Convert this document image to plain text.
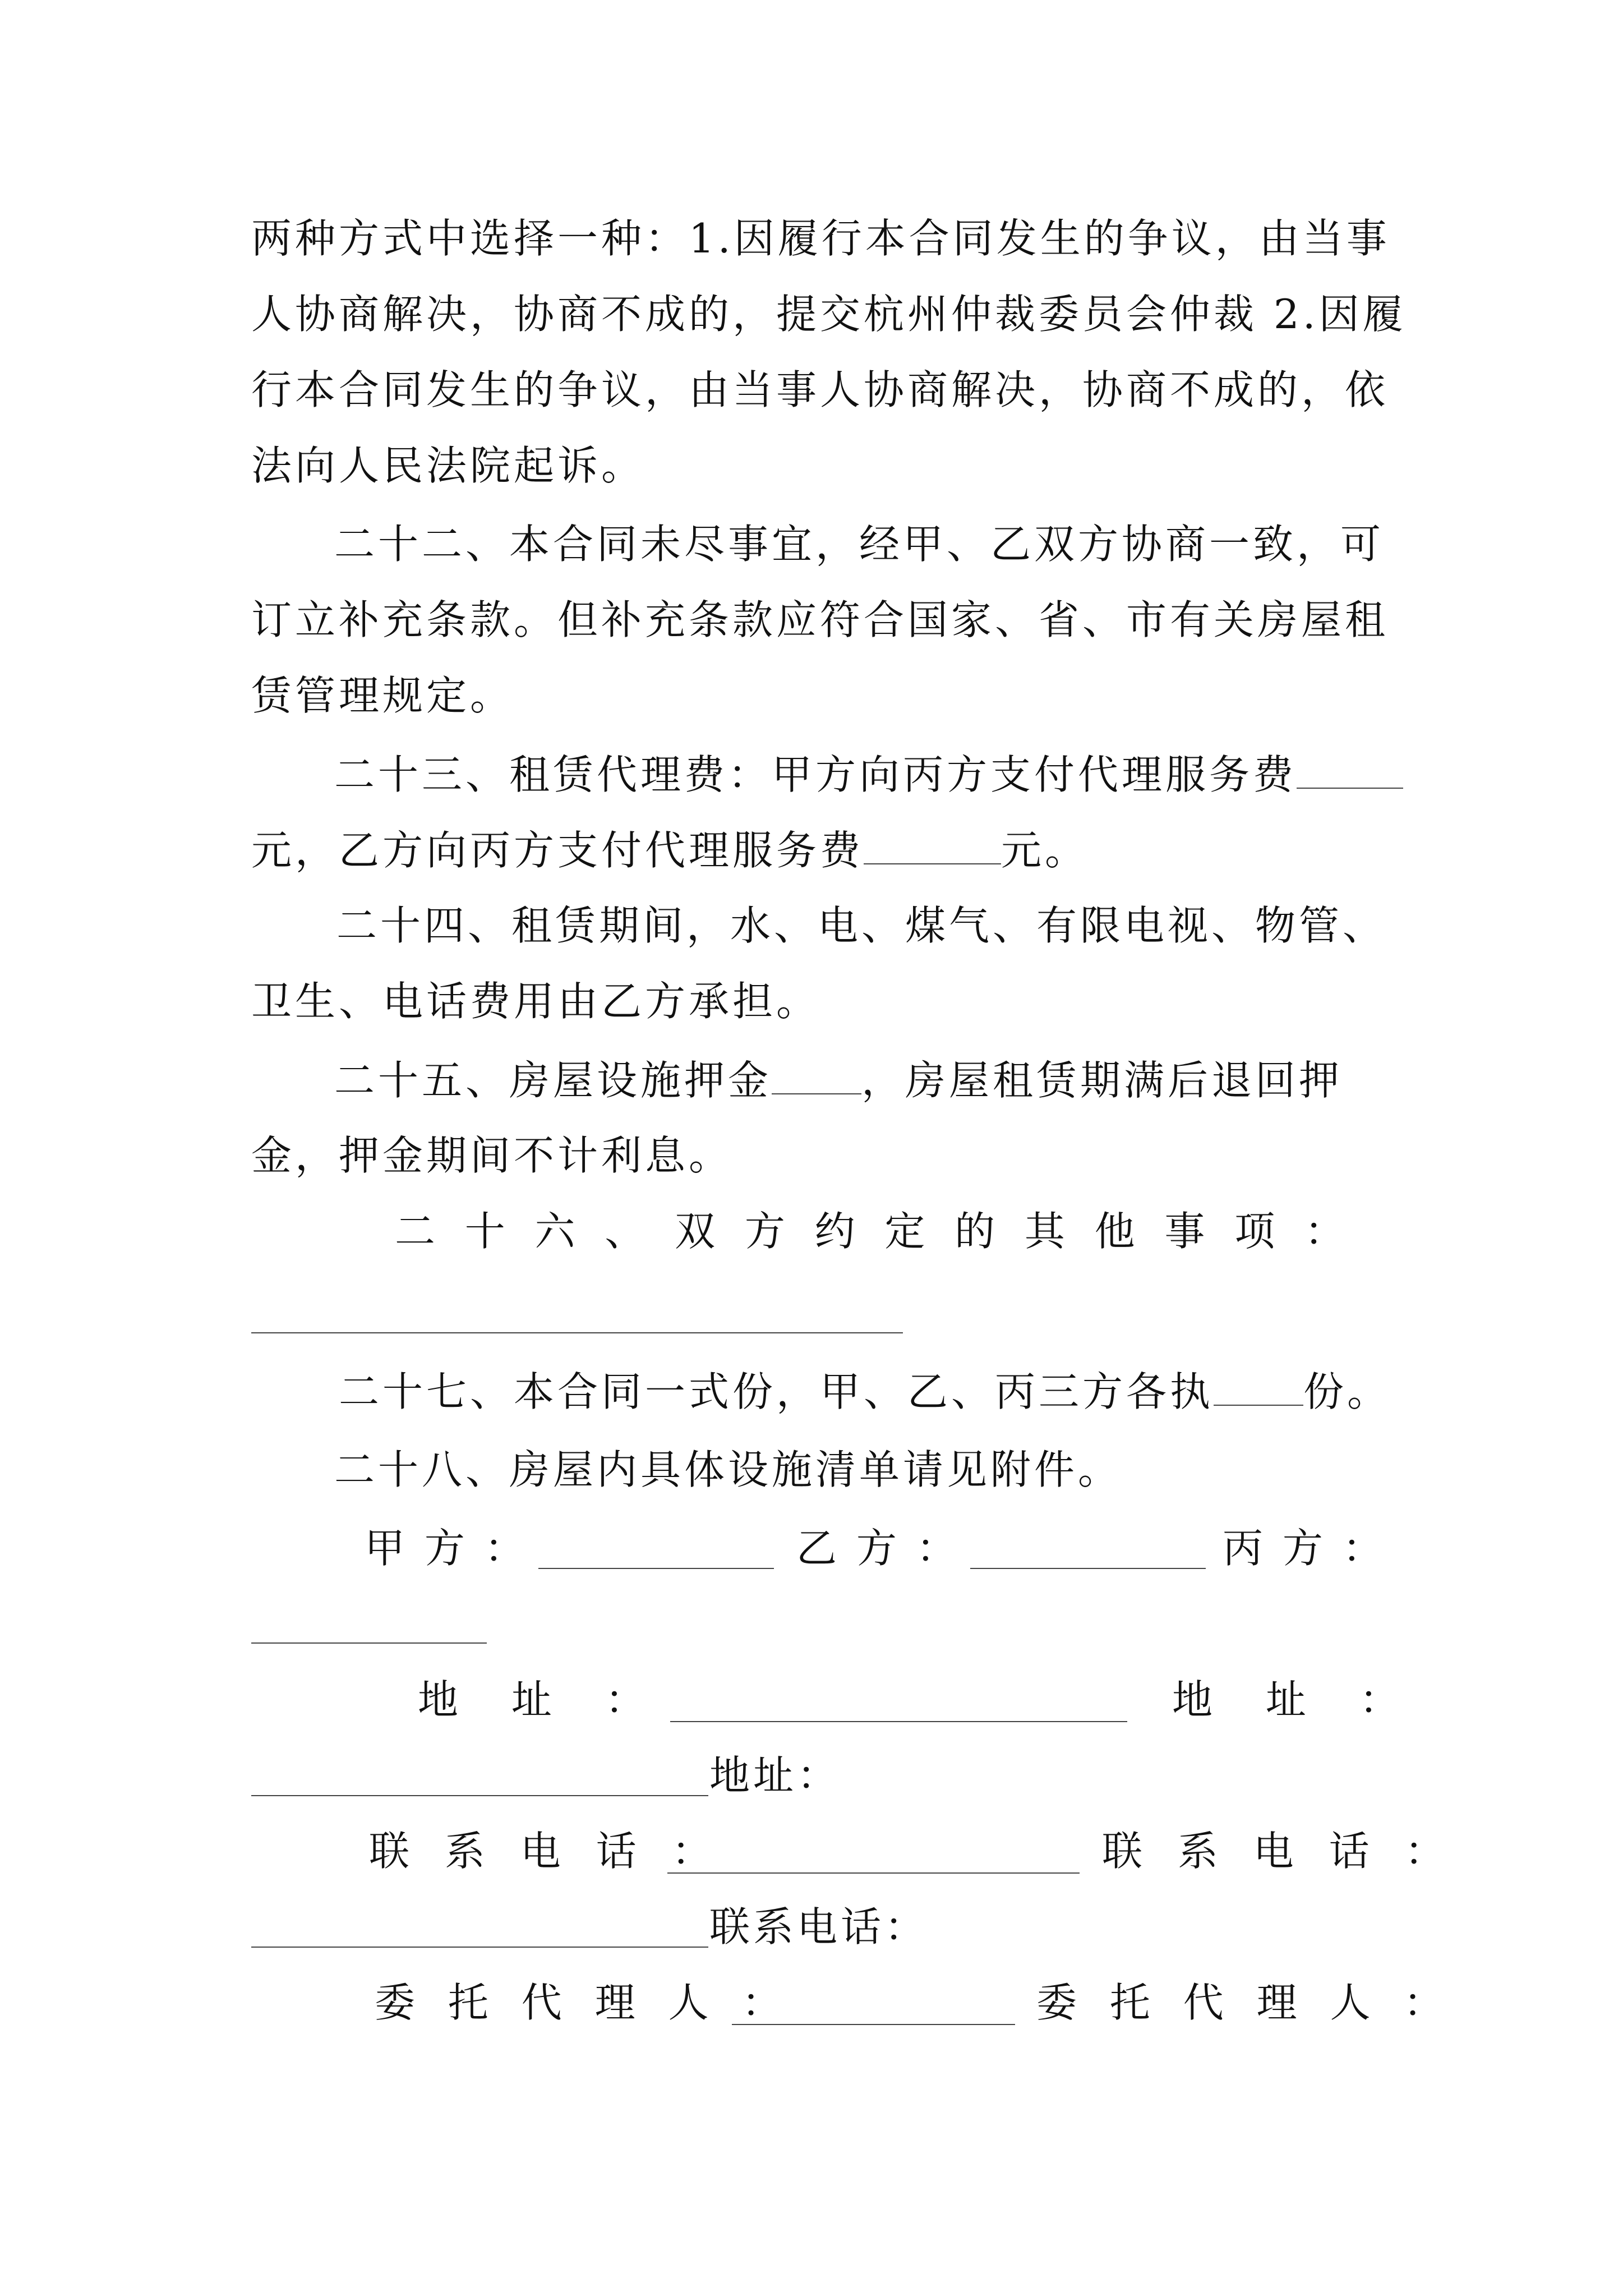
两种方式中选择一种：1.因履行本合同发生的争议，由当事
人协商解决，协商不成的，提交杭州仲裁委员会仲裁 2.因履
行本合同发生的争议，由当事人协商解决，协商不成的，依
法向人民法院起诉。
二十二、本合同未尽事宜，经甲、乙双方协商一致，可
订立补充条款。但补充条款应符合国家、省、市有关房屋租
赁管理规定。
二十三、租赁代理费：甲方向丙方支付代理服务费
元，乙方向丙方支付代理服务费	元。
二十四、租赁期间，水、电、煤气、有限电视、物管、
卫生、电话费用由乙方承担。
二十五、房屋设施押金 ，房屋租赁期满后退回押
金，押金期间不计利息。
二 十 六 、 双 方 约 定 的 其 他 事 项 ：
二十七、本合同一式份，甲、乙、丙三方各执 份。
二十八、房屋内具体设施清单请见附件。
甲 方 ：	乙 方 ：	丙 方 ：
地 址 ：	地 址 ：
地址：
联 系 电 话 ：	联 系 电 话 ：
联系电话：
委 托 代 理 人 ：	委 托 代 理 人 ：
